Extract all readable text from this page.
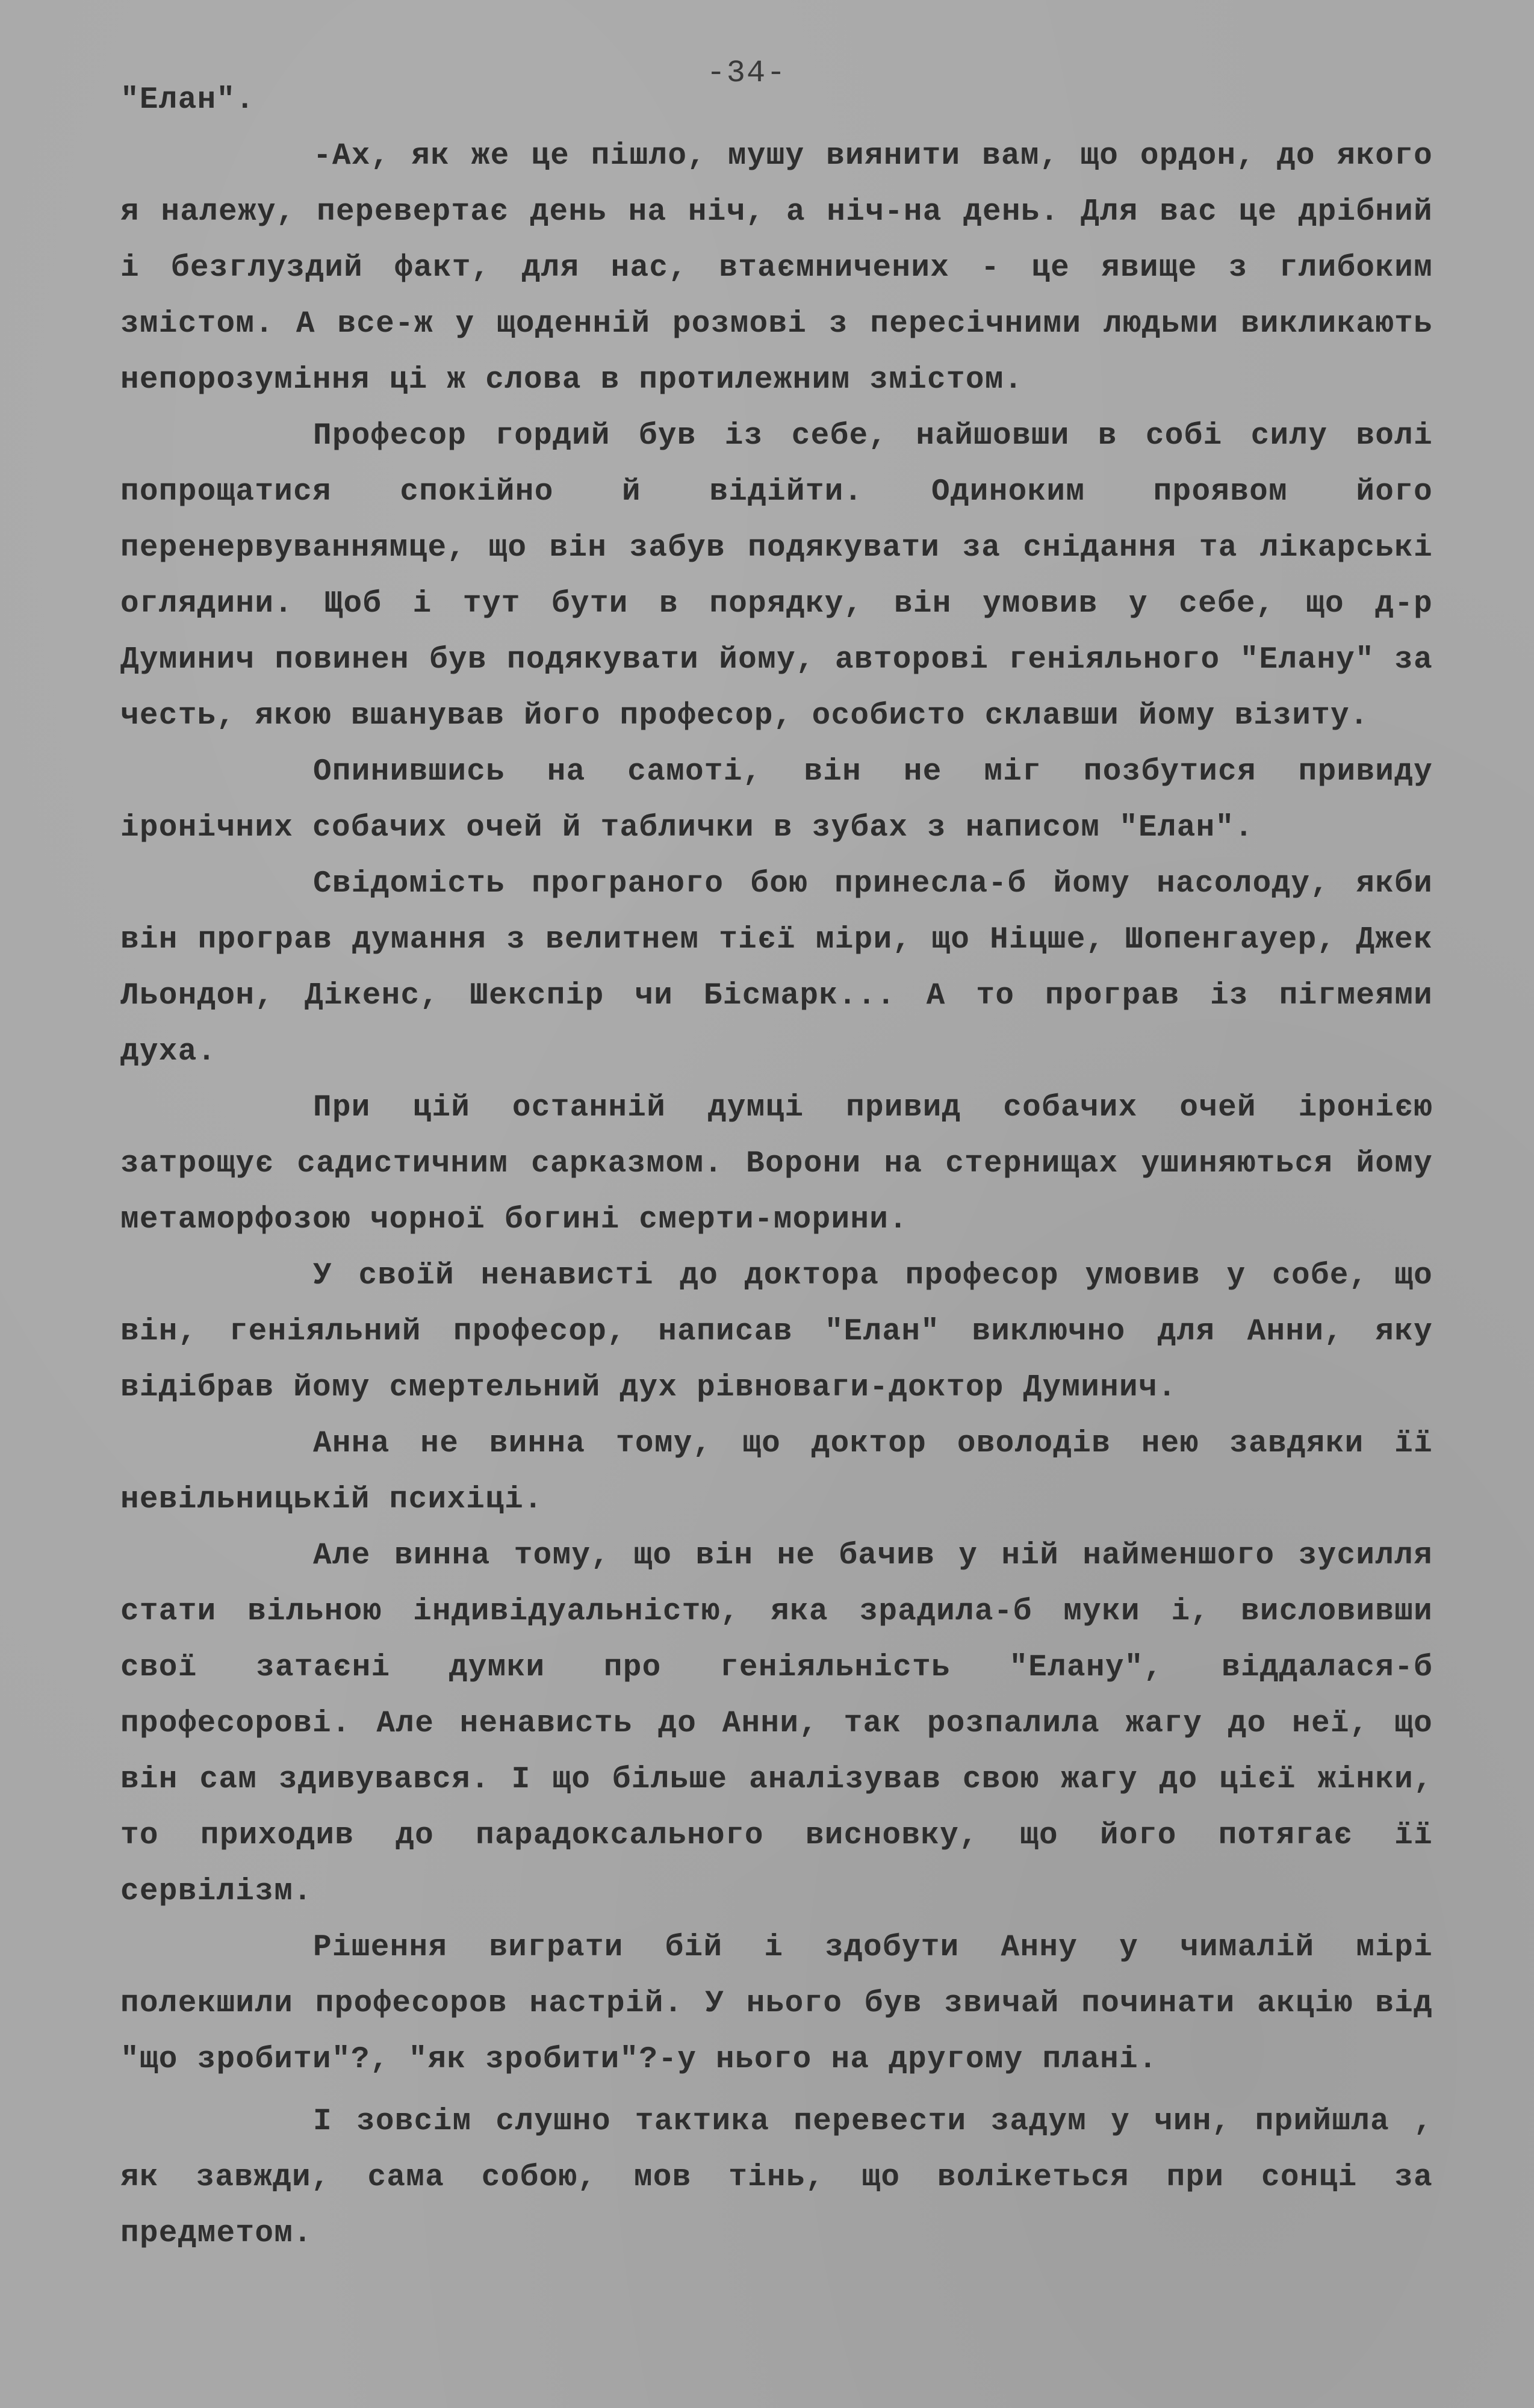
-34-

"Елан".

-Ах, як же це пішло, мушу виянити вам, що ордон, до якого я належу, перевертає день на ніч, а ніч-на день. Для вас це дрібний і безглуздий факт, для нас, втаємничених - це явище з глибоким змістом. А все-ж у щоденній розмові з пересічними людьми викликають непорозуміння ці ж слова в протилежним змістом.

Професор гордий був із себе, найшовши в собі силу волі попрощатися спокійно й відійти. Одиноким проявом його перенервуваннямце, що він забув подякувати за снідання та лікарські оглядини. Щоб і тут бути в порядку, він умовив у себе, що д-р Думинич повинен був подякувати йому, авторові геніяльного "Елану" за честь, якою вшанував його професор, особисто склавши йому візиту.

Опинившись на самоті, він не міг позбутися привиду іронічних собачих очей й таблички в зубах з написом "Елан".

Свідомість програного бою принесла-б йому насолоду, якби він програв думання з велитнем тієї міри, що Ніцше, Шопенгауер, Джек Льондон, Дікенс, Шекспір чи Бісмарк... А то програв із пігмеями духа.

При цій останній думці привид собачих очей іронією затрощує садистичним сарказмом. Ворони на стернищах ушиняються йому метаморфозою чорної богині смерти-морини.

У своїй ненависті до доктора професор умовив у собе, що він, геніяльний професор, написав "Елан" виключно для Анни, яку відібрав йому смертельний дух рівноваги-доктор Думинич.

Анна не винна тому, що доктор оволодів нею завдяки її невільницькій психіці.

Але винна тому, що він не бачив у ній найменшого зусилля стати вільною індивідуальністю, яка зрадила-б муки і, висловивши свої затаєні думки про геніяльність "Елану", віддалася-б професорові. Але ненависть до Анни, так розпалила жагу до неї, що він сам здивувався. І що більше аналізував свою жагу до цієї жінки, то приходив до парадоксального висновку, що його потягає її сервілізм.

Рішення виграти бій і здобути Анну у чималій мірі полекшили професоров настрій. У нього був звичай починати акцію від "що зробити"?, "як зробити"?-у нього на другому плані.

І зовсім слушно тактика перевести задум у чин, прийшла , як завжди, сама собою, мов тінь, що волікеться при сонці за предметом.
